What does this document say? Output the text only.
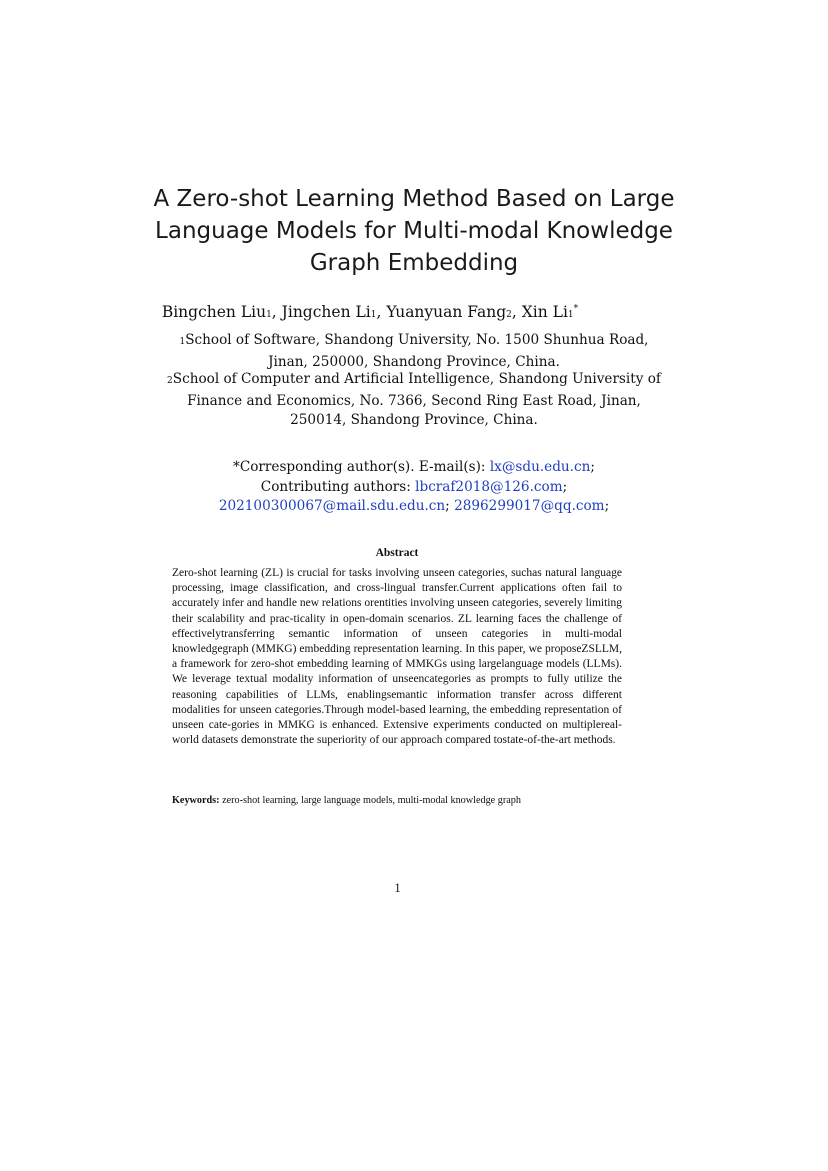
A Zero-shot Learning Method Based on Large
Language Models for Multi-modal Knowledge
Graph Embedding
Bingchen Liu1, Jingchen Li1, Yuanyuan Fang2, Xin Li1*
1School of Software, Shandong University, No. 1500 Shunhua Road,
Jinan, 250000, Shandong Province, China.
2School of Computer and Artificial Intelligence, Shandong University of
Finance and Economics, No. 7366, Second Ring East Road, Jinan,
250014, Shandong Province, China.
*Corresponding author(s). E-mail(s): lx@sdu.edu.cn;
Contributing authors: lbcraf2018@126.com;
202100300067@mail.sdu.edu.cn; 2896299017@qq.com;
Abstract
Zero-shot learning (ZL) is crucial for tasks involving unseen categories, suchas natural language processing, image classification, and cross-lingual transfer.Current applications often fail to accurately infer and handle new relations orentities involving unseen categories, severely limiting their scalability and prac-ticality in open-domain scenarios. ZL learning faces the challenge of effectivelytransferring semantic information of unseen categories in multi-modal knowledgegraph (MMKG) embedding representation learning. In this paper, we proposeZSLLM, a framework for zero-shot embedding learning of MMKGs using largelanguage models (LLMs). We leverage textual modality information of unseencategories as prompts to fully utilize the reasoning capabilities of LLMs, enablingsemantic information transfer across different modalities for unseen categories.Through model-based learning, the embedding representation of unseen cate-gories in MMKG is enhanced. Extensive experiments conducted on multiplereal-world datasets demonstrate the superiority of our approach compared tostate-of-the-art methods.
Keywords: zero-shot learning, large language models, multi-modal knowledge graph
1
